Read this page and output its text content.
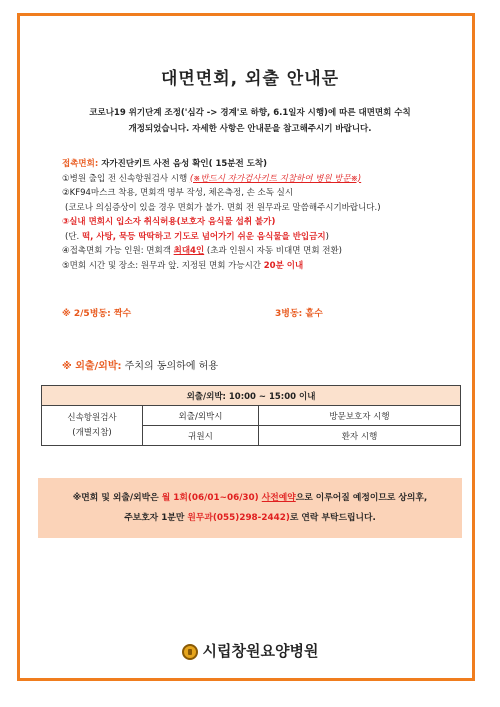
대면면회, 외출 안내문
코로나19 위기단계 조정('심각 -> 경계'로 하향, 6.1일자 시행)에 따른 대면면회 수칙
개정되었습니다. 자세한 사항은 안내문을 참고해주시기 바랍니다.
접촉면회: 자가진단키트 사전 음성 확인( 15분전 도착)
①병원 출입 전 신속항원검사 시행 (※반드시 자가검사키트 지참하여 병원 방문※)
②KF94마스크 착용, 면회객 명부 작성, 체온측정, 손 소독 실시
(코로나 의심증상이 있을 경우 면회가 불가. 면회 전 원무과로 말씀해주시기바랍니다.)
③실내 면회시 입소자 취식허용(보호자 음식물 섭취 불가)
(단. 떡, 사탕, 묵등 딱딱하고 기도로 넘어가기 쉬운 음식물을 반입금지)
④접촉면회 가능 인원: 면회객 최대4인 (초과 인원시 자동 비대면 면회 전환)
⑤면회 시간 및 장소: 원무과 앞. 지정된 면회 가능시간 20분 이내
※ 2/5병동: 짝수	3병동: 홀수
※ 외출/외박: 주치의 동의하에 허용
외출/외박: 10:00 ~ 15:00 이내		

신속항원검사
(개별지참)	외출/외박시	방문보호자 시행
	귀원시	환자 시행
※면회 및 외출/외박은 월 1회(06/01~06/30) 사전예약으로 이루어질 예정이므로 상의후,
주보호자 1분만 원무과(055)298-2442)로 연락 부탁드립니다.
시립창원요양병원
